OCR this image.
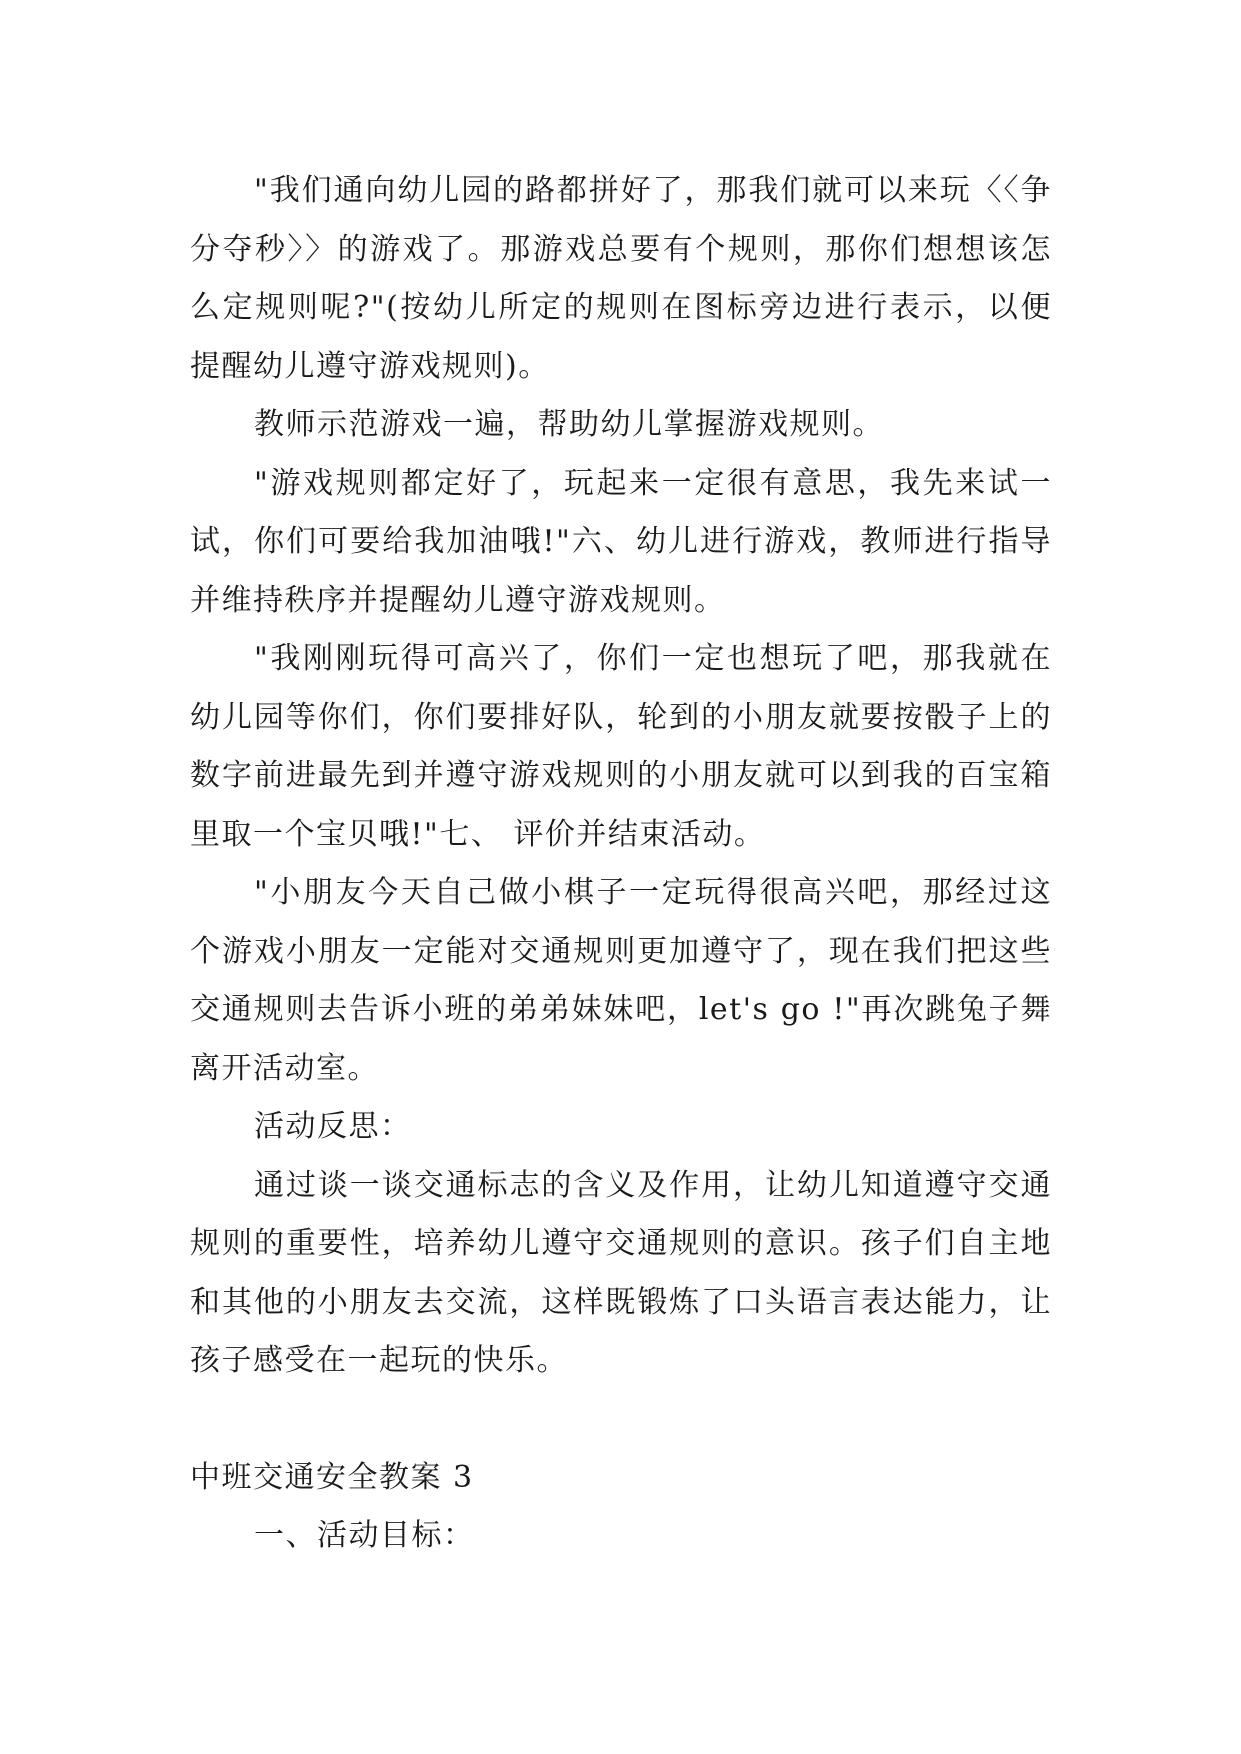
"我们通向幼儿园的路都拼好了，那我们就可以来玩〈〈争分夺秒〉〉的游戏了。那游戏总要有个规则，那你们想想该怎么定规则呢?"(按幼儿所定的规则在图标旁边进行表示，以便提醒幼儿遵守游戏规则)。

教师示范游戏一遍，帮助幼儿掌握游戏规则。

"游戏规则都定好了，玩起来一定很有意思，我先来试一试，你们可要给我加油哦!"六、幼儿进行游戏，教师进行指导并维持秩序并提醒幼儿遵守游戏规则。

"我刚刚玩得可高兴了，你们一定也想玩了吧，那我就在幼儿园等你们，你们要排好队，轮到的小朋友就要按骰子上的数字前进最先到并遵守游戏规则的小朋友就可以到我的百宝箱里取一个宝贝哦!"七、 评价并结束活动。

"小朋友今天自己做小棋子一定玩得很高兴吧，那经过这个游戏小朋友一定能对交通规则更加遵守了，现在我们把这些交通规则去告诉小班的弟弟妹妹吧，let's go !"再次跳兔子舞离开活动室。

活动反思：

通过谈一谈交通标志的含义及作用，让幼儿知道遵守交通规则的重要性，培养幼儿遵守交通规则的意识。孩子们自主地和其他的小朋友去交流，这样既锻炼了口头语言表达能力，让孩子感受在一起玩的快乐。

中班交通安全教案 3

一、活动目标：
